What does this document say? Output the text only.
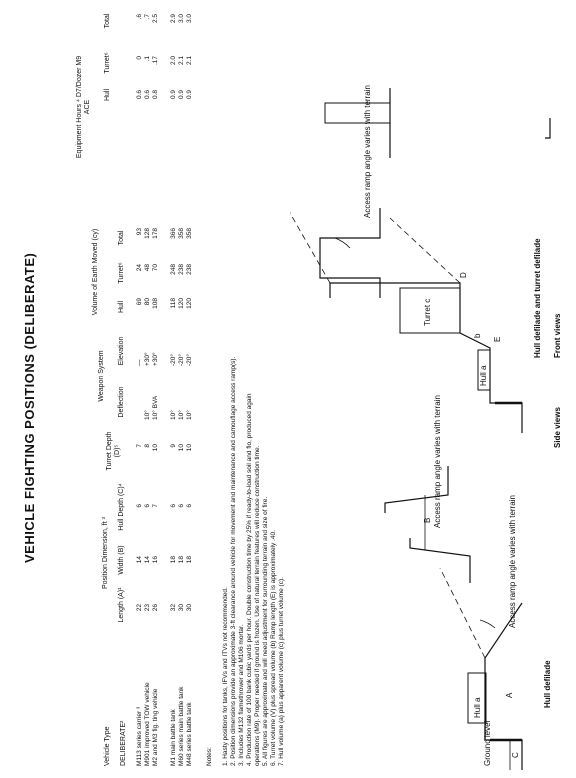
VEHICLE FIGHTING POSITIONS (DELIBERATE)
Vehicle Type DELIBERATE²
Position Dimension, ft ³
Length (A)¹
Width (B)
Hull Depth (C)⁴
Turret Depth (D)⁵
Weapon System
Deflection
Elevation
Volume of Earth Moved (cy)	Hull
Turret⁶
Total
Equipment Hours ⁴ D7/Dozer M9 ACE
Hull
Turret⁶
Total
M113 series carrier ³
22
14
6
7
—
69
24
93
0.6
0
.6
M901 improved TOW vehicle
23
14
6
8
10°
+30°
80
48
128
0.6
.1
.7
M2 and M3 fig. ting vehicle
26
16
7
10
10° BVA
+30°
108
70
178
0.8
.17
2.5
M1 main battle tank
32
18
6
9
10°
-20°
118
248
366
0.9
2.0
2.9
M60 series main battle tank
30
18
6
10
10°
-20°
120
238
358
0.9
2.1
3.0
M48 series battle tank
30
18
6
10
10°
-20°
120
238
358
0.9
2.1
3.0
Notes: 1. Hasty positions for tanks, IFVs and ITVs not recommended. 2. Position dimensions provide an approximate 3-ft clearance around vehicle for movement and maintenance and camouflage access ramp(s). 3. Includes M132 flamethrower and M106 mortar. 4. Production rate of 100 bank cubic yards per hour. Double construction time by 25% if ready-to-load soil and flo, produced again operations (M9). Proper needed if ground is frozen. Use of natural terrain features will reduce construction time. 5. All figures are approximate and will need adjustment for surrounding terrain and size of fire. 6. Turret volume (V) plus spread volume (b) Ramp length (E) is approximately .40. 7. Hull volume (a) plus apparent volume (c) plus turret volume (c).	Ground level
Hull a
Hull a
Turret c
b
Hull defilade
Hull defilade and turret defilade
Side views
Front views
Access ramp angle varies with terrain
Access ramp angle varies with terrain
Access ramp angle varies with terrain
A
B
C
D
E
